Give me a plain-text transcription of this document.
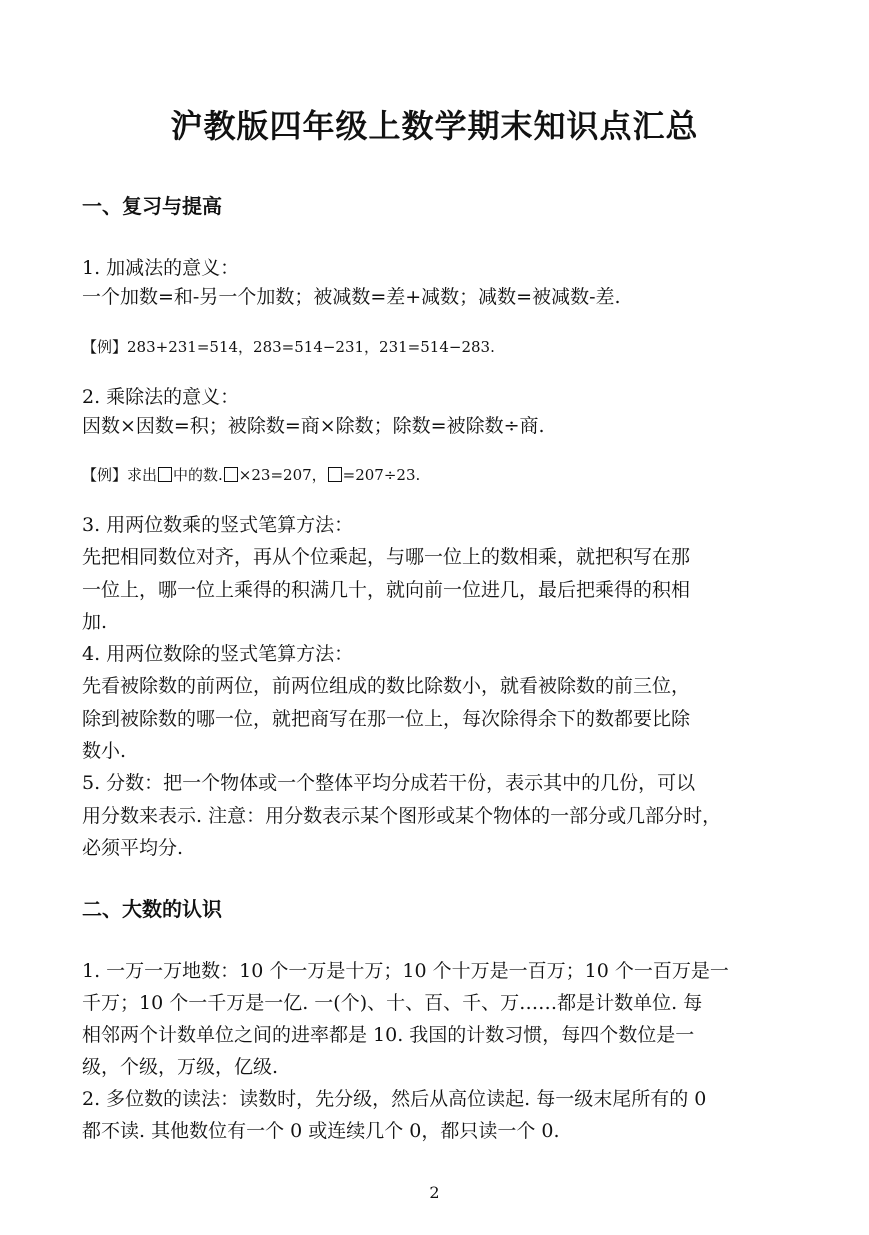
沪教版四年级上数学期末知识点汇总
一、复习与提高
1. 加减法的意义：
一个加数=和-另一个加数；被减数=差+减数；减数=被减数-差.
【例】283+231=514，283=514−231，231=514−283.
2. 乘除法的意义：
因数×因数=积；被除数=商×除数；除数=被除数÷商.
【例】求出 中的数. ×23=207， =207÷23.
3. 用两位数乘的竖式笔算方法：
先把相同数位对齐，再从个位乘起，与哪一位上的数相乘，就把积写在那
一位上，哪一位上乘得的积满几十，就向前一位进几，最后把乘得的积相
加.
4. 用两位数除的竖式笔算方法：
先看被除数的前两位，前两位组成的数比除数小，就看被除数的前三位，
除到被除数的哪一位，就把商写在那一位上，每次除得余下的数都要比除
数小.
5. 分数：把一个物体或一个整体平均分成若干份，表示其中的几份，可以
用分数来表示. 注意：用分数表示某个图形或某个物体的一部分或几部分时，
必须平均分.
二、大数的认识
1. 一万一万地数：10 个一万是十万；10 个十万是一百万；10 个一百万是一
千万；10 个一千万是一亿. 一(个)、十、百、千、万……都是计数单位. 每
相邻两个计数单位之间的进率都是 10. 我国的计数习惯，每四个数位是一
级，个级，万级，亿级.
2. 多位数的读法：读数时，先分级，然后从高位读起. 每一级末尾所有的 0
都不读. 其他数位有一个 0 或连续几个 0，都只读一个 0.
2
